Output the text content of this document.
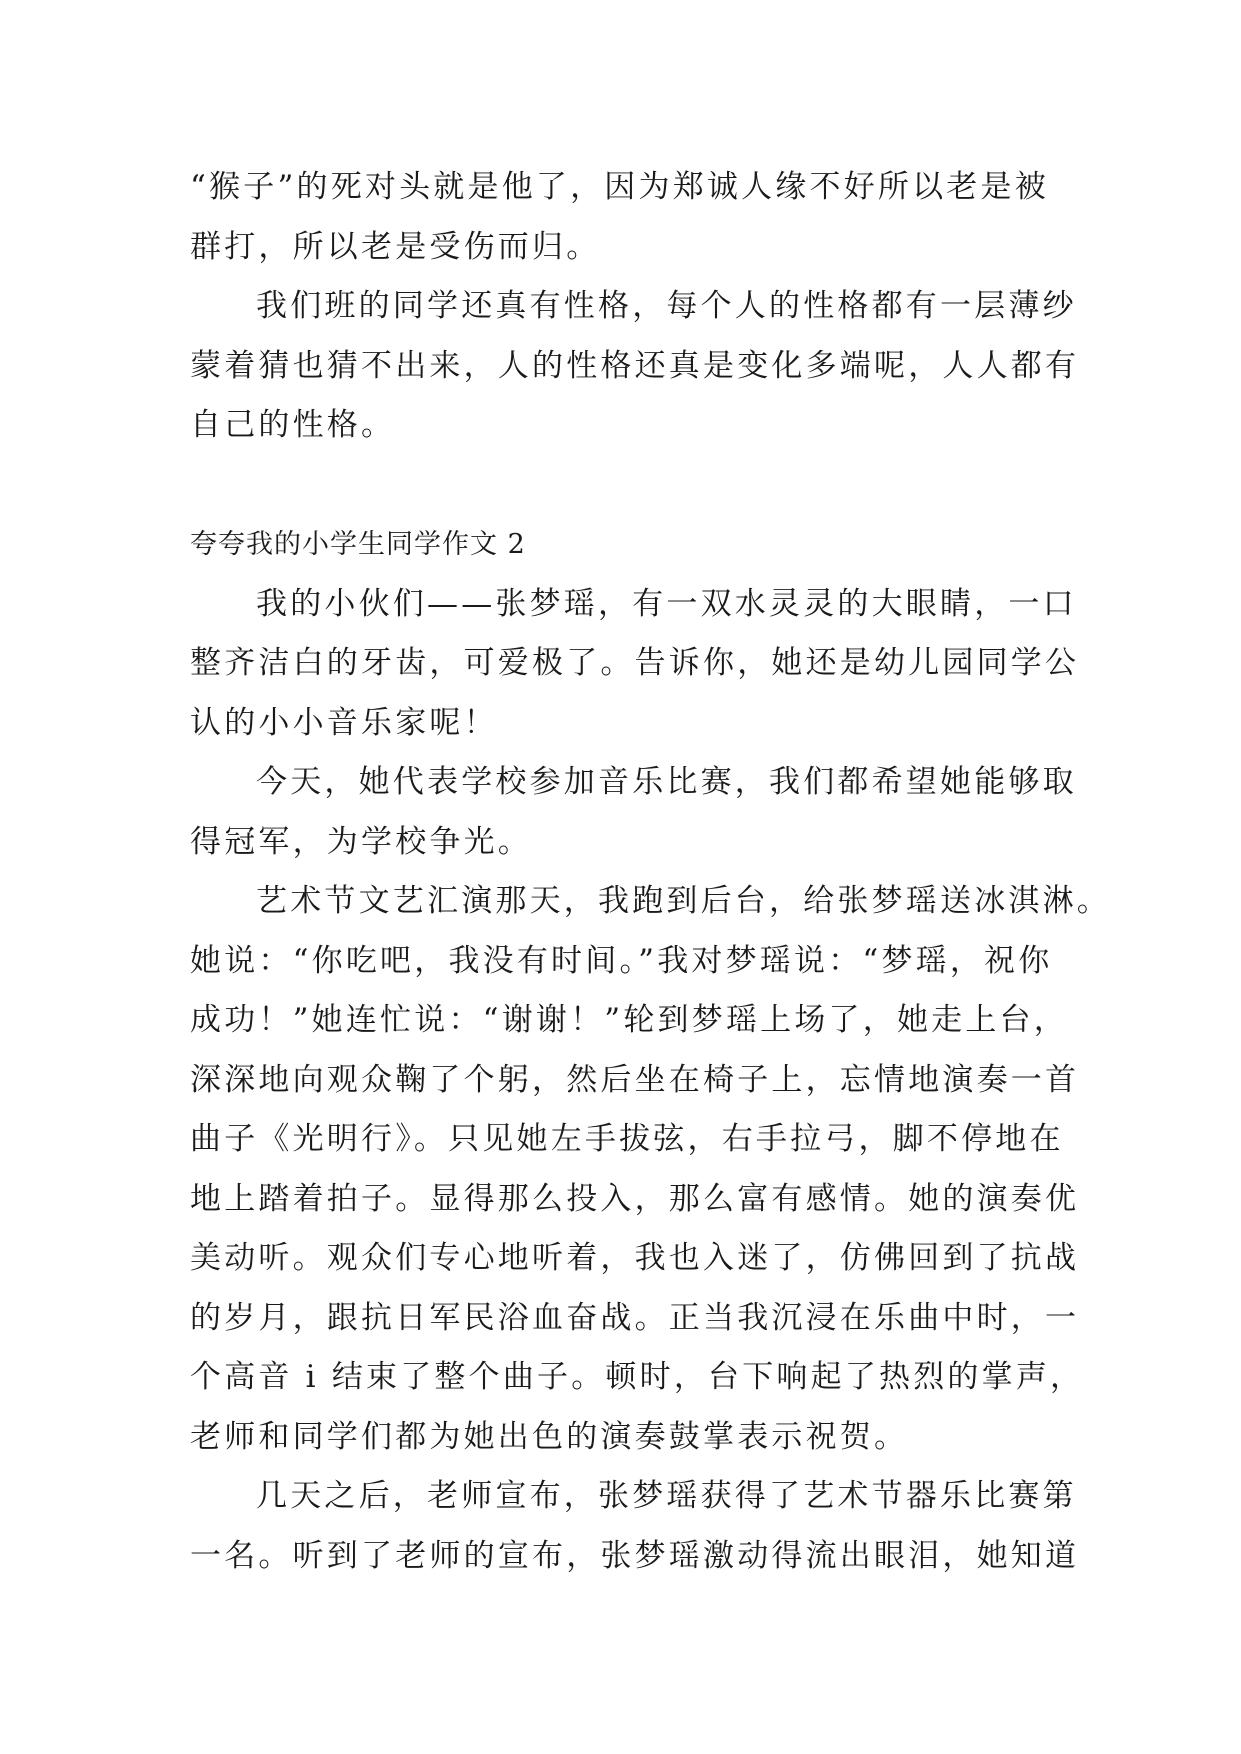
“猴子”的死对头就是他了，因为郑诚人缘不好所以老是被
群打，所以老是受伤而归。
我们班的同学还真有性格，每个人的性格都有一层薄纱
蒙着猜也猜不出来，人的性格还真是变化多端呢，人人都有
自己的性格。
夸夸我的小学生同学作文 2
我的小伙们——张梦瑶，有一双水灵灵的大眼睛，一口
整齐洁白的牙齿，可爱极了。告诉你，她还是幼儿园同学公
认的小小音乐家呢！
今天，她代表学校参加音乐比赛，我们都希望她能够取
得冠军，为学校争光。
艺术节文艺汇演那天，我跑到后台，给张梦瑶送冰淇淋。
她说：“你吃吧，我没有时间。”我对梦瑶说：“梦瑶，祝你
成功！”她连忙说：“谢谢！”轮到梦瑶上场了，她走上台，
深深地向观众鞠了个躬，然后坐在椅子上，忘情地演奏一首
曲子《光明行》。只见她左手拔弦，右手拉弓，脚不停地在
地上踏着拍子。显得那么投入，那么富有感情。她的演奏优
美动听。观众们专心地听着，我也入迷了，仿佛回到了抗战
的岁月，跟抗日军民浴血奋战。正当我沉浸在乐曲中时，一
个高音 i 结束了整个曲子。顿时，台下响起了热烈的掌声，
老师和同学们都为她出色的演奏鼓掌表示祝贺。
几天之后，老师宣布，张梦瑶获得了艺术节器乐比赛第
一名。听到了老师的宣布，张梦瑶激动得流出眼泪，她知道
